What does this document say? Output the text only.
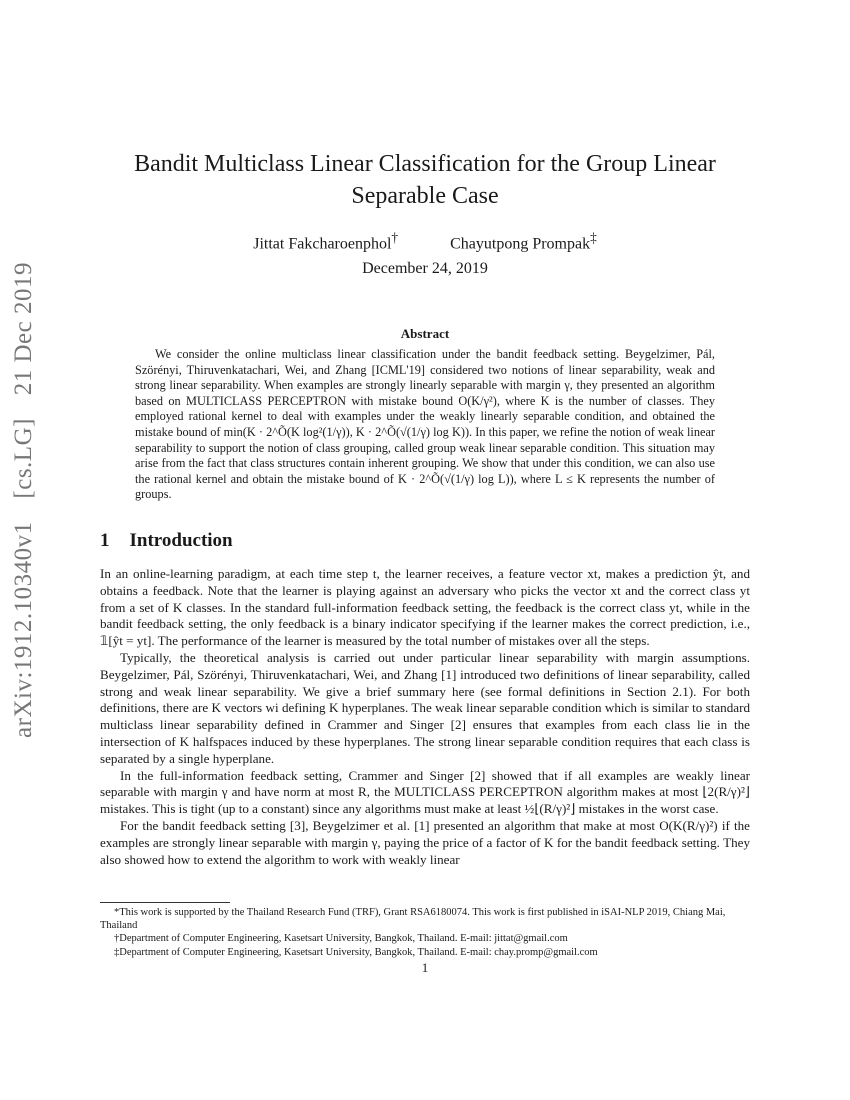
arXiv:1912.10340v1 [cs.LG] 21 Dec 2019
Bandit Multiclass Linear Classification for the Group Linear
Separable Case
Jittat Fakcharoenphol†	Chayutpong Prompak‡
December 24, 2019
Abstract

We consider the online multiclass linear classification under the bandit feedback setting. Beygelzimer, Pál, Szörényi, Thiruvenkatachari, Wei, and Zhang [ICML'19] considered two notions of linear separability, weak and strong linear separability. When examples are strongly linearly separable with margin γ, they presented an algorithm based on MULTICLASS PERCEPTRON with mistake bound O(K/γ²), where K is the number of classes. They employed rational kernel to deal with examples under the weakly linearly separable condition, and obtained the mistake bound of min(K · 2^Õ(K log²(1/γ)), K · 2^Õ(√(1/γ) log K)). In this paper, we refine the notion of weak linear separability to support the notion of class grouping, called group weak linear separable condition. This situation may arise from the fact that class structures contain inherent grouping. We show that under this condition, we can also use the rational kernel and obtain the mistake bound of K · 2^Õ(√(1/γ) log L)), where L ≤ K represents the number of groups.

1 Introduction

In an online-learning paradigm, at each time step t, the learner receives, a feature vector xt, makes a prediction ŷt, and obtains a feedback. Note that the learner is playing against an adversary who picks the vector xt and the correct class yt from a set of K classes. In the standard full-information feedback setting, the feedback is the correct class yt, while in the bandit feedback setting, the only feedback is a binary indicator specifying if the learner makes the correct prediction, i.e., 𝟙[ŷt = yt]. The performance of the learner is measured by the total number of mistakes over all the steps.

Typically, the theoretical analysis is carried out under particular linear separability with margin assumptions. Beygelzimer, Pál, Szörényi, Thiruvenkatachari, Wei, and Zhang [1] introduced two definitions of linear separability, called strong and weak linear separability. We give a brief summary here (see formal definitions in Section 2.1). For both definitions, there are K vectors wi defining K hyperplanes. The weak linear separable condition which is similar to standard multiclass linear separability defined in Crammer and Singer [2] ensures that examples from each class lie in the intersection of K halfspaces induced by these hyperplanes. The strong linear separable condition requires that each class is separated by a single hyperplane.

In the full-information feedback setting, Crammer and Singer [2] showed that if all examples are weakly linear separable with margin γ and have norm at most R, the MULTICLASS PERCEPTRON algorithm makes at most ⌊2(R/γ)²⌋ mistakes. This is tight (up to a constant) since any algorithms must make at least ½⌊(R/γ)²⌋ mistakes in the worst case.

For the bandit feedback setting [3], Beygelzimer et al. [1] presented an algorithm that make at most O(K(R/γ)²) if the examples are strongly linear separable with margin γ, paying the price of a factor of K for the bandit feedback setting. They also showed how to extend the algorithm to work with weakly linear

*This work is supported by the Thailand Research Fund (TRF), Grant RSA6180074. This work is first published in iSAI-NLP 2019, Chiang Mai, Thailand

†Department of Computer Engineering, Kasetsart University, Bangkok, Thailand. E-mail: jittat@gmail.com

‡Department of Computer Engineering, Kasetsart University, Bangkok, Thailand. E-mail: chay.promp@gmail.com

1
